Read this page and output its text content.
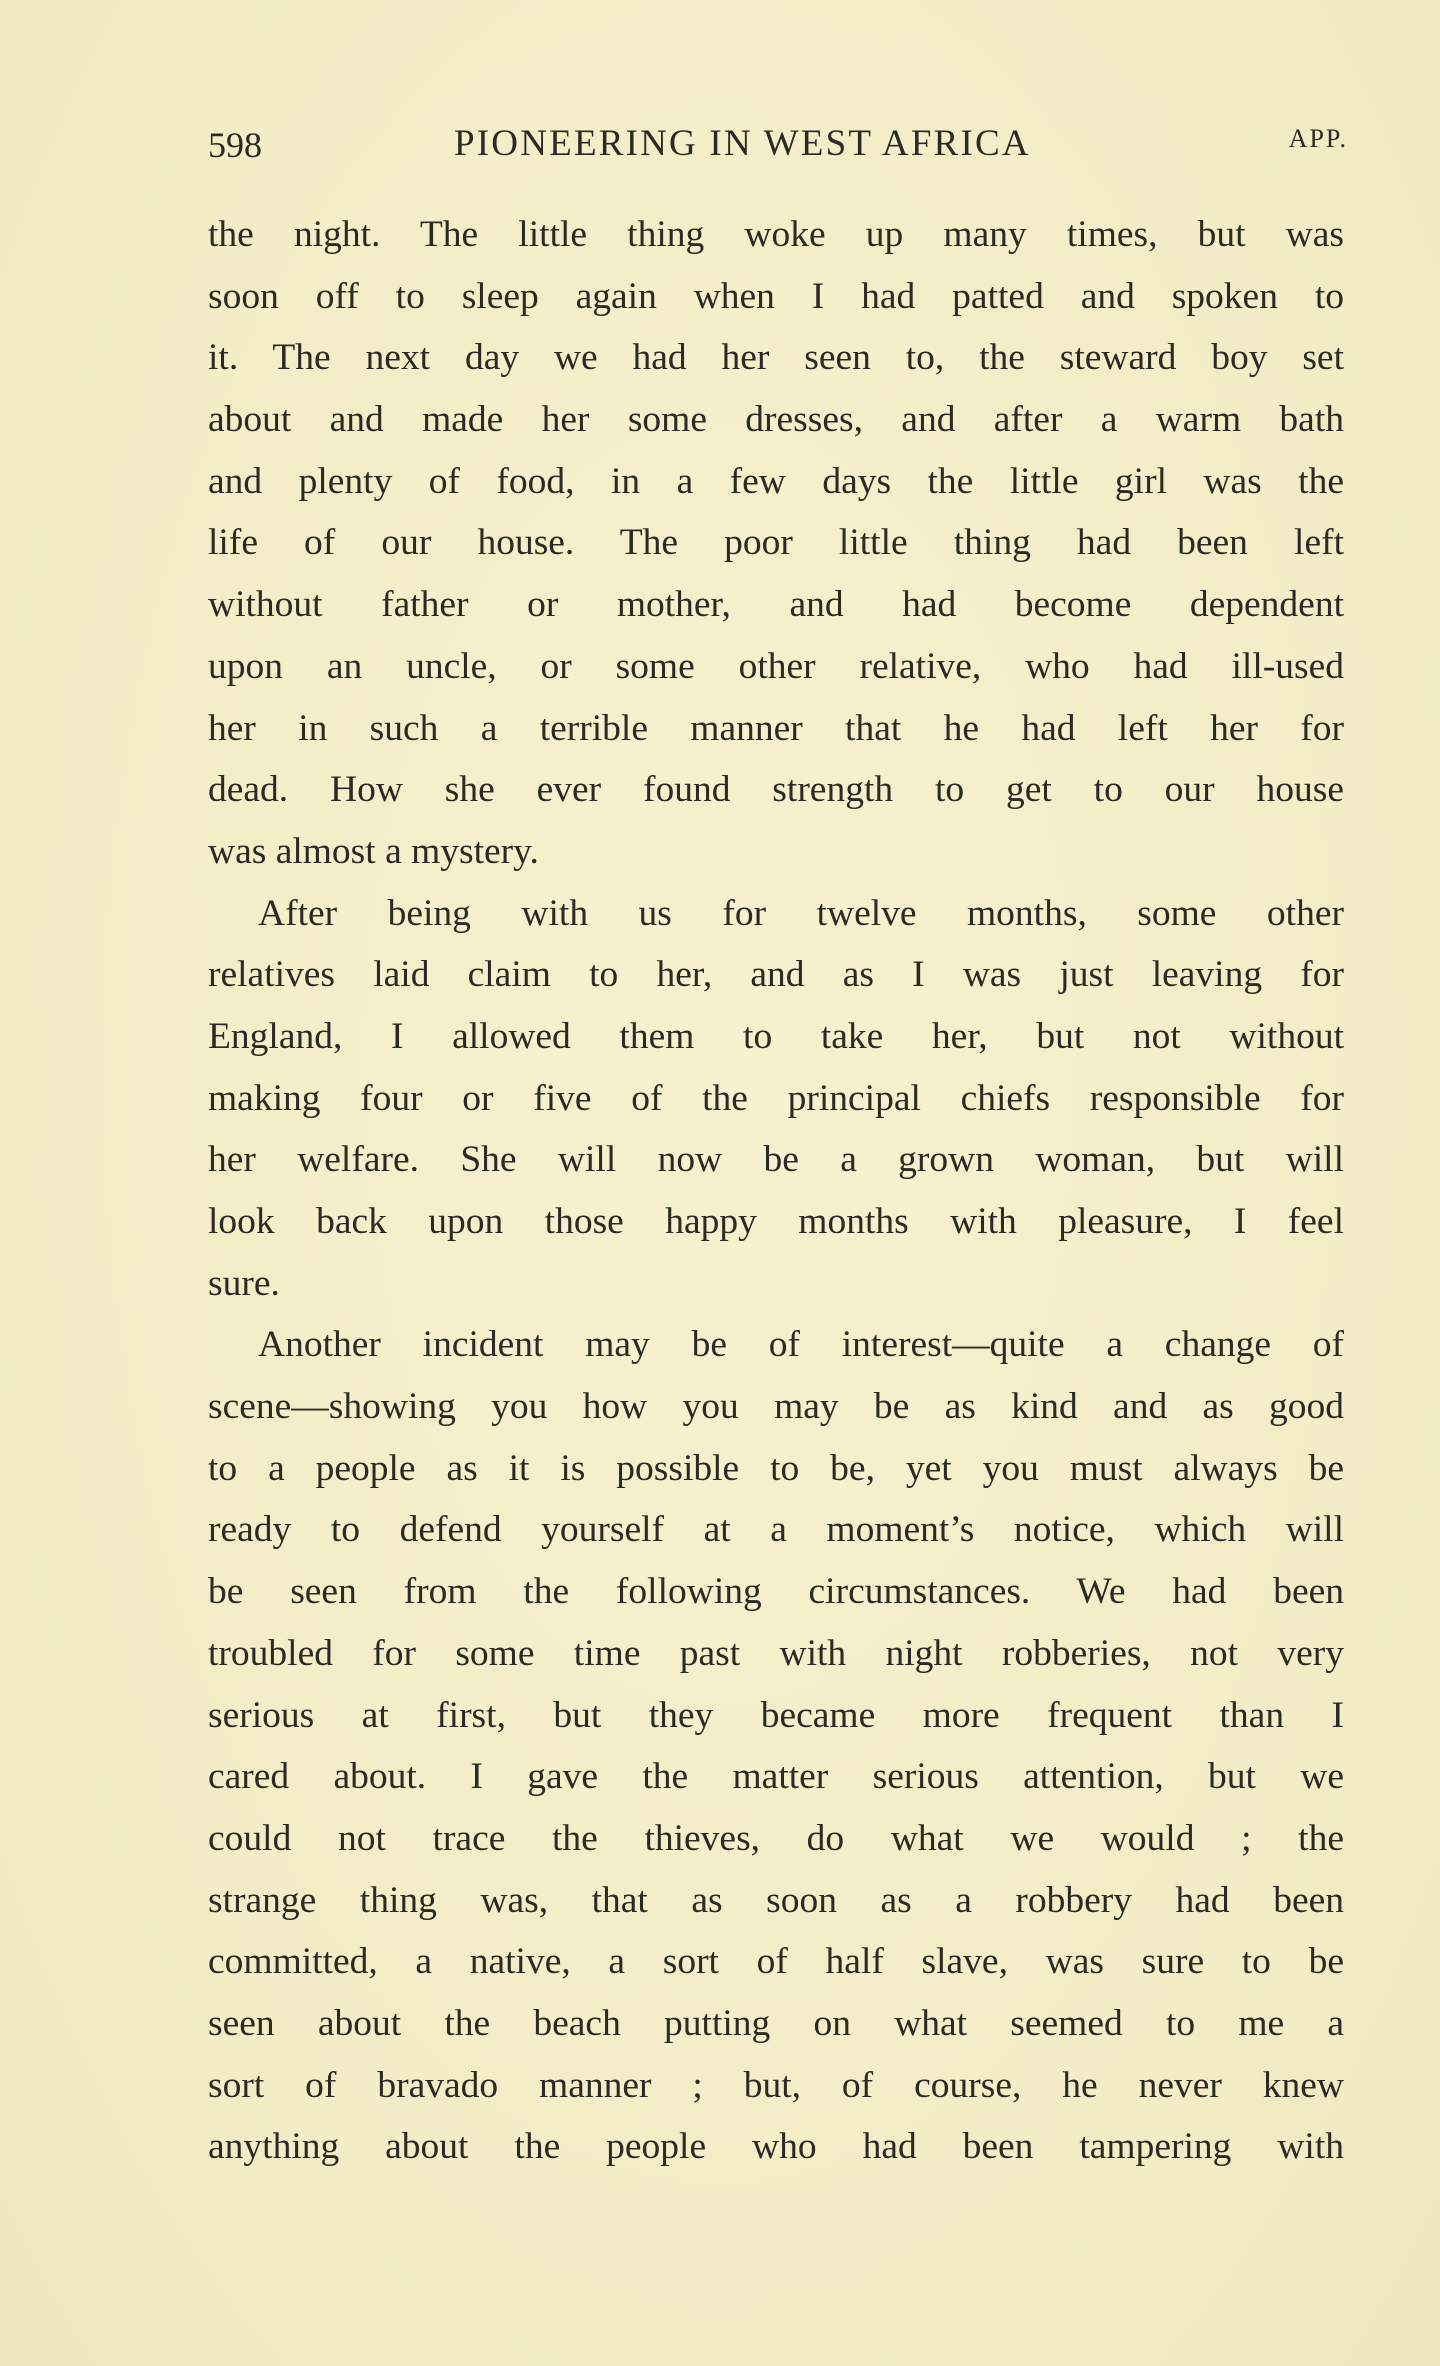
598	PIONEERING IN WEST AFRICA	APP.
the night. The little thing woke up many times, but was
soon off to sleep again when I had patted and spoken to
it. The next day we had her seen to, the steward boy set
about and made her some dresses, and after a warm bath
and plenty of food, in a few days the little girl was the
life of our house. The poor little thing had been left
without father or mother, and had become dependent
upon an uncle, or some other relative, who had ill-used
her in such a terrible manner that he had left her for
dead. How she ever found strength to get to our house
was almost a mystery.
After being with us for twelve months, some other
relatives laid claim to her, and as I was just leaving for
England, I allowed them to take her, but not without
making four or five of the principal chiefs responsible for
her welfare. She will now be a grown woman, but will
look back upon those happy months with pleasure, I feel
sure.
Another incident may be of interest—quite a change of
scene—showing you how you may be as kind and as good
to a people as it is possible to be, yet you must always be
ready to defend yourself at a moment’s notice, which will
be seen from the following circumstances. We had been
troubled for some time past with night robberies, not very
serious at first, but they became more frequent than I
cared about. I gave the matter serious attention, but we
could not trace the thieves, do what we would ; the
strange thing was, that as soon as a robbery had been
committed, a native, a sort of half slave, was sure to be
seen about the beach putting on what seemed to me a
sort of bravado manner ; but, of course, he never knew
anything about the people who had been tampering with
